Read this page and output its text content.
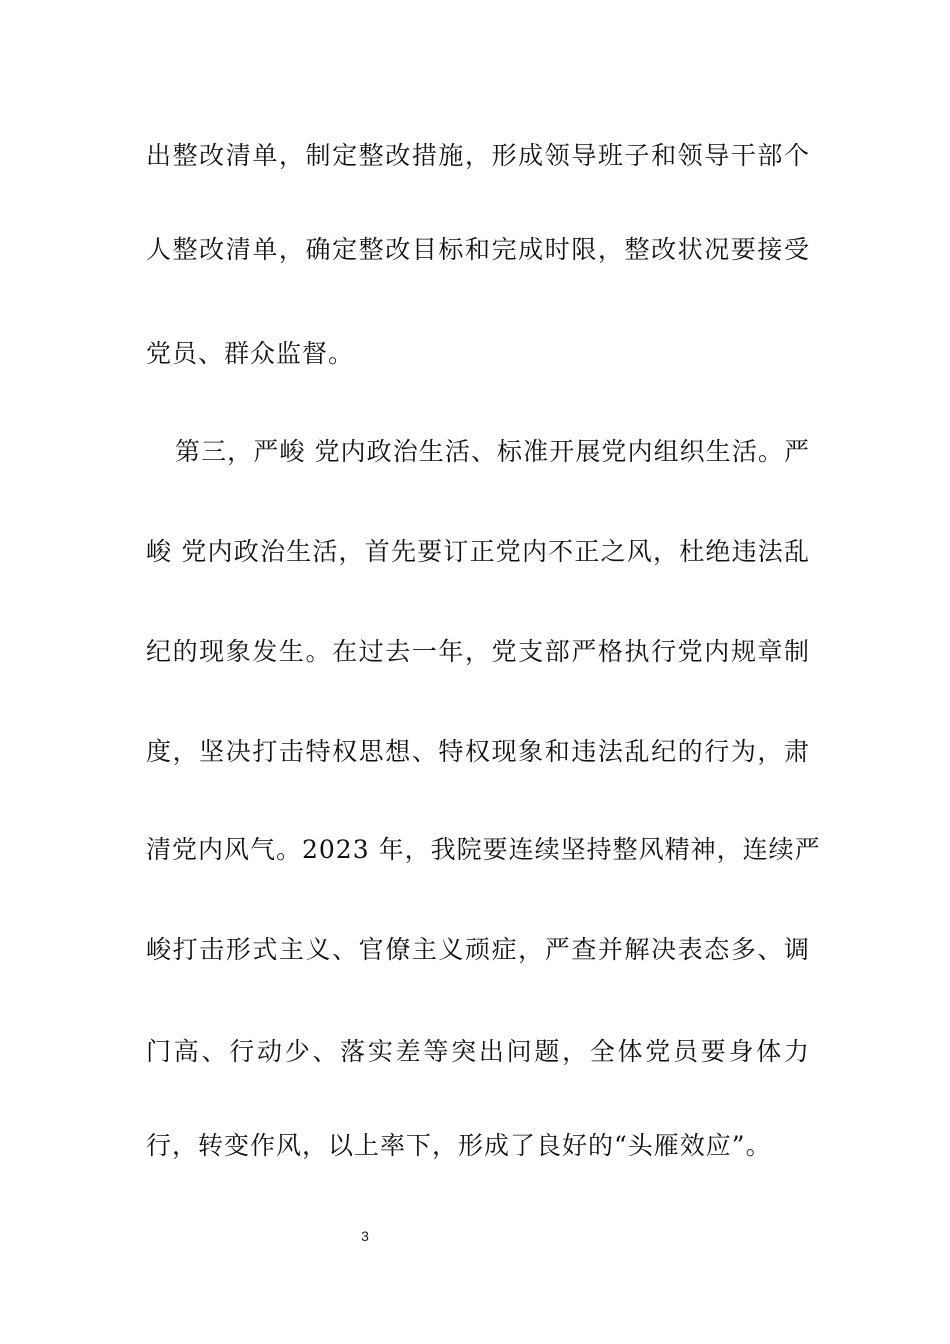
出整改清单，制定整改措施，形成领导班子和领导干部个
人整改清单，确定整改目标和完成时限，整改状况要接受
党员、群众监督。
第三，严峻 党内政治生活、标准开展党内组织生活。严
峻 党内政治生活，首先要订正党内不正之风，杜绝违法乱
纪的现象发生。在过去一年，党支部严格执行党内规章制
度，坚决打击特权思想、特权现象和违法乱纪的行为，肃
清党内风气。2023 年，我院要连续坚持整风精神，连续严
峻打击形式主义、官僚主义顽症，严查并解决表态多、调
门高、行动少、落实差等突出问题，全体党员要身体力
行，转变作风，以上率下，形成了良好的“头雁效应”。
3
